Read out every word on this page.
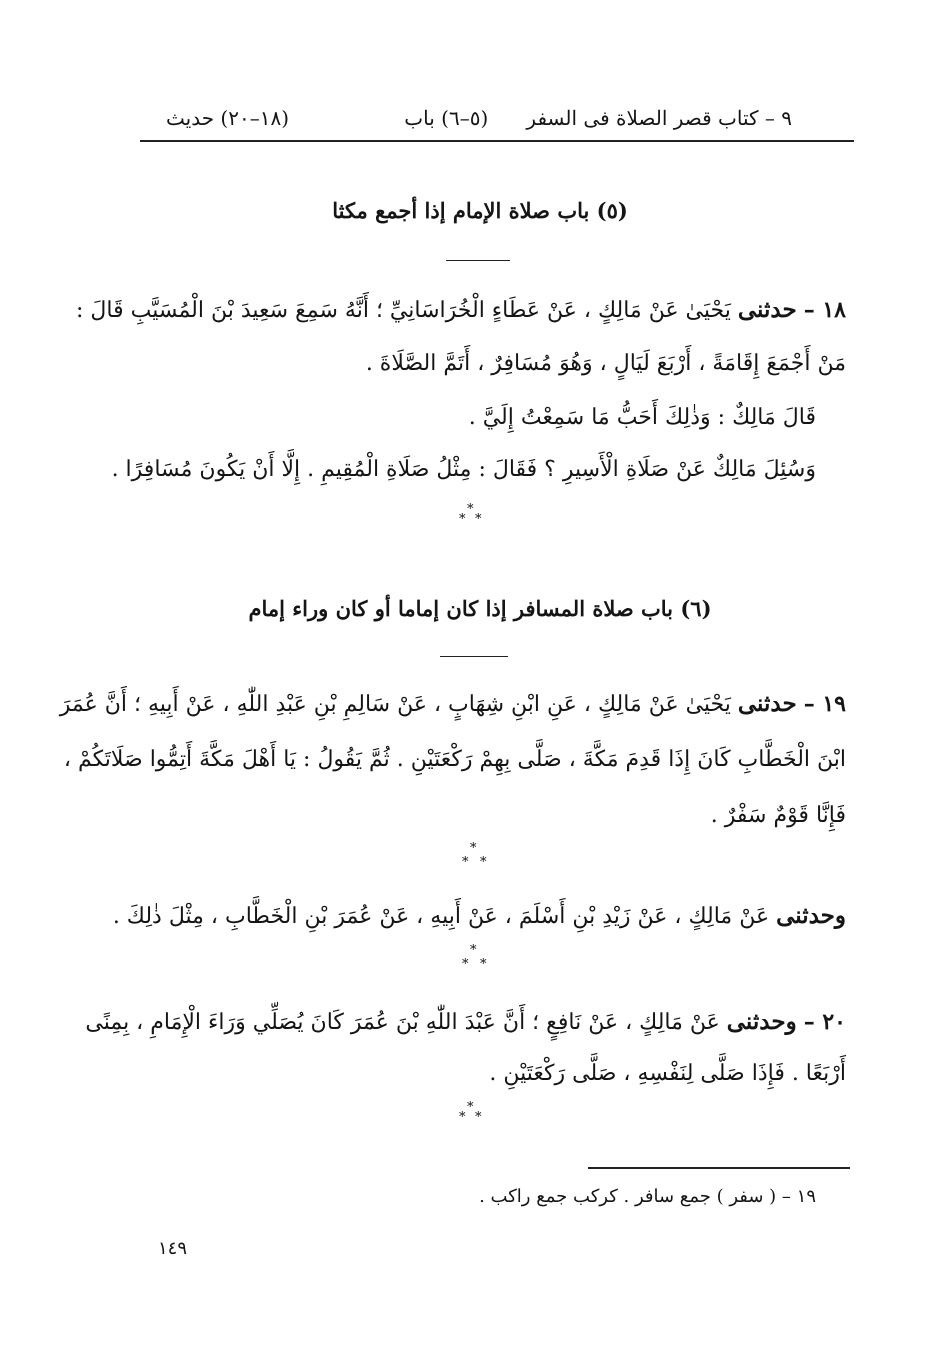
٩ – كتاب قصر الصلاة فى السفر      (٥–٦) باب
(١٨–٢٠) حديث
(٥) باب صلاة الإمام إذا أجمع مكثا
١٨ – حدثنى يَحْيَىٰ عَنْ مَالِكٍ ، عَنْ عَطَاءٍ الْخُرَاسَانِيِّ ؛ أَنَّهُ سَمِعَ سَعِيدَ بْنَ الْمُسَيَّبِ قَالَ :
مَنْ أَجْمَعَ إِقَامَةً ، أَرْبَعَ لَيَالٍ ، وَهُوَ مُسَافِرٌ ، أَتَمَّ الصَّلَاةَ .
قَالَ مَالِكٌ : وَذٰلِكَ أَحَبُّ مَا سَمِعْتُ إِلَيَّ .
وَسُئِلَ مَالِكٌ عَنْ صَلَاةِ الْأَسِيرِ ؟ فَقَالَ : مِثْلُ صَلَاةِ الْمُقِيمِ . إِلَّا أَنْ يَكُونَ مُسَافِرًا .
*
* *
(٦) باب صلاة المسافر إذا كان إماما أو كان وراء إمام
١٩ – حدثنى يَحْيَىٰ عَنْ مَالِكٍ ، عَنِ ابْنِ شِهَابٍ ، عَنْ سَالِمِ بْنِ عَبْدِ اللّٰهِ ، عَنْ أَبِيهِ ؛ أَنَّ عُمَرَ
ابْنَ الْخَطَّابِ كَانَ إِذَا قَدِمَ مَكَّةَ ، صَلَّى بِهِمْ رَكْعَتَيْنِ . ثُمَّ يَقُولُ : يَا أَهْلَ مَكَّةَ أَتِمُّوا صَلَاتَكُمْ ،
فَإِنَّا قَوْمٌ سَفْرٌ .
*
* *
وحدثنى عَنْ مَالِكٍ ، عَنْ زَيْدِ بْنِ أَسْلَمَ ، عَنْ أَبِيهِ ، عَنْ عُمَرَ بْنِ الْخَطَّابِ ، مِثْلَ ذٰلِكَ .
*
* *
٢٠ – وحدثنى عَنْ مَالِكٍ ، عَنْ نَافِعٍ ؛ أَنَّ عَبْدَ اللّٰهِ بْنَ عُمَرَ كَانَ يُصَلِّي وَرَاءَ الْإِمَامِ ، بِمِنًى
أَرْبَعًا . فَإِذَا صَلَّى لِنَفْسِهِ ، صَلَّى رَكْعَتَيْنِ .
*
* *
١٩ – ( سفر ) جمع سافر . كركب جمع راكب .
١٤٩
